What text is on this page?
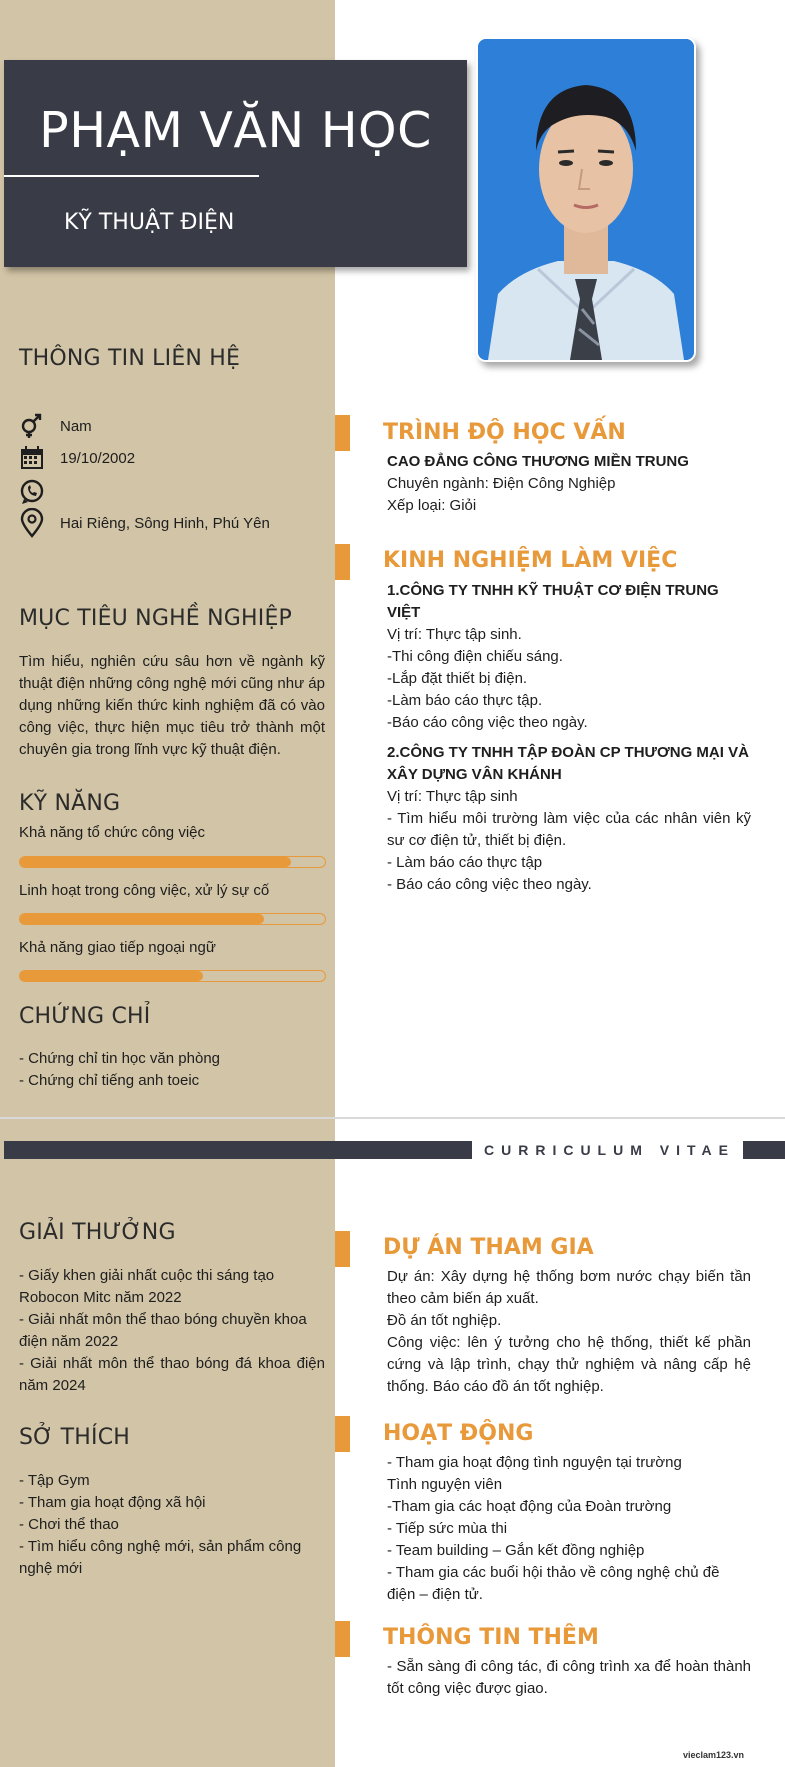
PHẠM VĂN HỌC
KỸ THUẬT ĐIỆN
THÔNG TIN LIÊN HỆ
Nam
19/10/2002
Hai Riêng, Sông Hinh, Phú Yên
MỤC TIÊU NGHỀ NGHIỆP
Tìm hiểu, nghiên cứu sâu hơn về ngành kỹ thuật điện những công nghệ mới cũng như áp dụng những kiến thức kinh nghiệm đã có vào công việc, thực hiện mục tiêu trở thành một chuyên gia trong lĩnh vực kỹ thuật điện.
KỸ NĂNG
Khả năng tổ chức công việc
Linh hoạt trong công việc, xử lý sự cố
Khả năng giao tiếp ngoại ngữ
CHỨNG CHỈ
- Chứng chỉ tin học văn phòng
- Chứng chỉ tiếng anh toeic
TRÌNH ĐỘ HỌC VẤN
CAO ĐẲNG CÔNG THƯƠNG MIỀN TRUNG
Chuyên ngành: Điện Công Nghiệp
Xếp loại: Giỏi
KINH NGHIỆM LÀM VIỆC
1.CÔNG TY TNHH KỸ THUẬT CƠ ĐIỆN TRUNG VIỆT
Vị trí: Thực tập sinh.
-Thi công điện chiếu sáng.
-Lắp đặt thiết bị điện.
-Làm báo cáo thực tập.
-Báo cáo công việc theo ngày.
2.CÔNG TY TNHH TẬP ĐOÀN CP THƯƠNG MẠI VÀ XÂY DỰNG VÂN KHÁNH
Vị trí: Thực tập sinh
- Tìm hiểu môi trường làm việc của các nhân viên kỹ sư cơ điện tử, thiết bị điện.
- Làm báo cáo thực tập
- Báo cáo công việc theo ngày.
CURRICULUM VITAE
GIẢI THƯỞNG
- Giấy khen giải nhất cuộc thi sáng tạo Robocon Mitc năm 2022
- Giải nhất môn thể thao bóng chuyền khoa điện năm 2022
- Giải nhất môn thể thao bóng đá khoa điện năm 2024
SỞ THÍCH
- Tập Gym
- Tham gia hoạt động xã hội
- Chơi thể thao
- Tìm hiểu công nghệ mới, sản phẩm công nghệ mới
DỰ ÁN THAM GIA
Dự án: Xây dựng hệ thống bơm nước chạy biến tần theo cảm biến áp xuất.
Đồ án tốt nghiệp.
Công việc: lên ý tưởng cho hệ thống, thiết kế phần cứng và lập trình, chạy thử nghiệm và nâng cấp hệ thống. Báo cáo đồ án tốt nghiệp.
HOẠT ĐỘNG
- Tham gia hoạt động tình nguyện tại trường
Tình nguyện viên
-Tham gia các hoạt động của Đoàn trường
- Tiếp sức mùa thi
- Team building – Gắn kết đồng nghiệp
- Tham gia các buổi hội thảo về công nghệ chủ đề điện – điện tử.
THÔNG TIN THÊM
- Sẵn sàng đi công tác, đi công trình xa để hoàn thành tốt công việc được giao.
vieclam123.vn
